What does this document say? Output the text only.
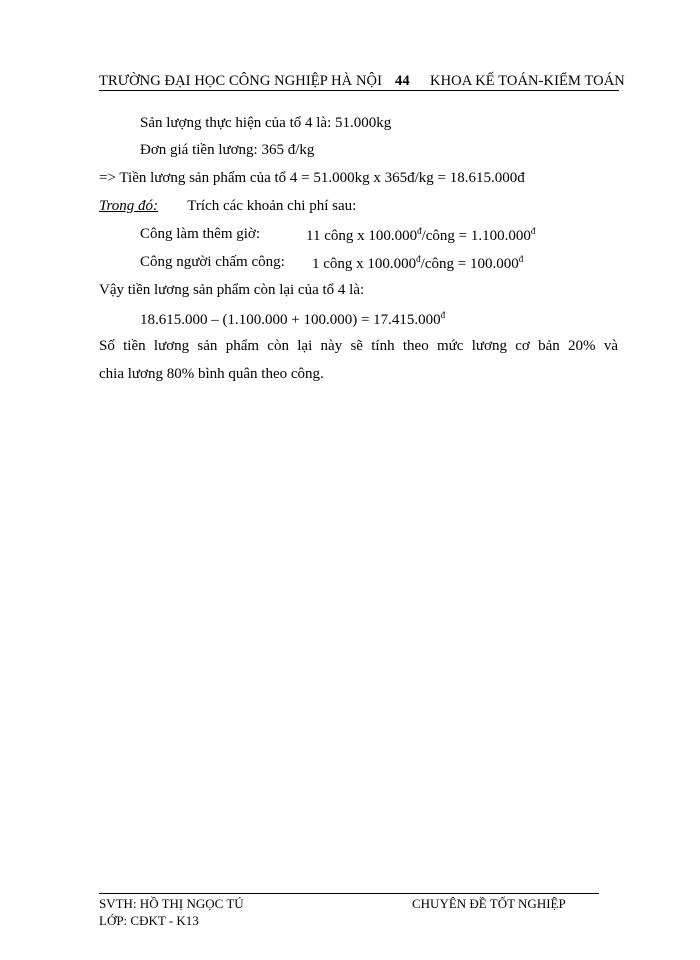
TRƯỜNG ĐẠI HỌC CÔNG NGHIỆP HÀ NỘI 44 KHOA KẾ TOÁN-KIỂM TOÁN
Sản lượng thực hiện của tổ 4 là: 51.000kg
Đơn giá tiền lương: 365 đ/kg
=> Tiền lương sản phẩm của tổ 4 = 51.000kg x 365đ/kg = 18.615.000đ
Trong đó: Trích các khoản chi phí sau:
Công làm thêm giờ:	11 công x $100.000^đ$/công = $1.100.000^đ$
Công người chấm công: 1 công x $100.000^đ$/công = $100.000^đ$
Vậy tiền lương sản phẩm còn lại của tổ 4 là:
$18.615.000 - (1.100.000 + 100.000) = 17.415.000^đ$
Số tiền lương sản phẩm còn lại này sẽ tính theo mức lương cơ bản 20% và
chia lương 80% bình quân theo công.
SVTH: HỒ THỊ NGỌC TÚ
LỚP: CĐKT - K13
CHUYÊN ĐỀ TỐT NGHIỆP
